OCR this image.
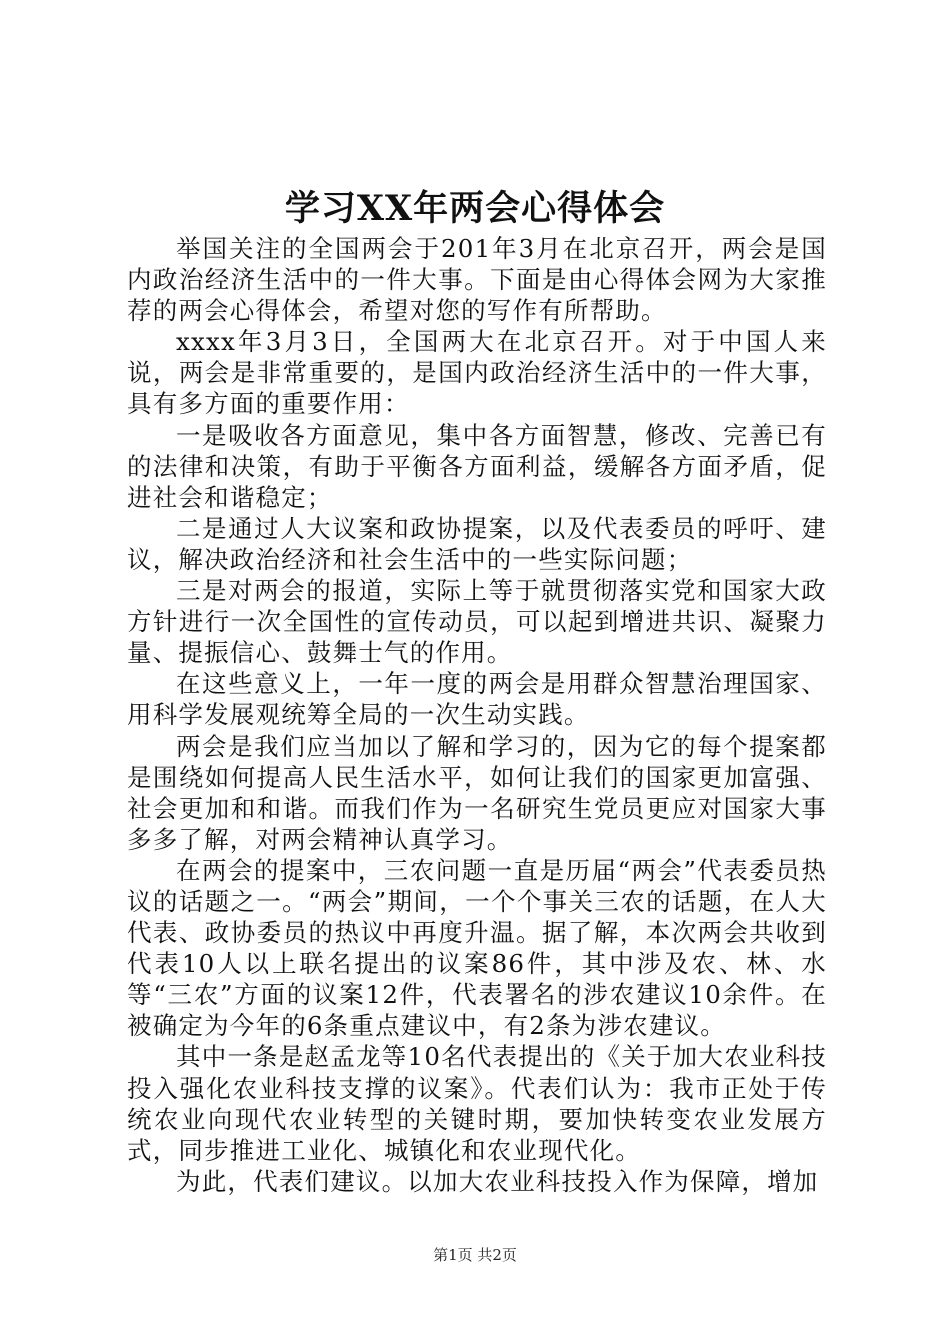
学习XX年两会心得体会

举国关注的全国两会于201年3月在北京召开，两会是国内政治经济生活中的一件大事。下面是由心得体会网为大家推荐的两会心得体会，希望对您的写作有所帮助。

xxxx年3月3日，全国两大在北京召开。对于中国人来说，两会是非常重要的，是国内政治经济生活中的一件大事，具有多方面的重要作用：

一是吸收各方面意见，集中各方面智慧，修改、完善已有的法律和决策，有助于平衡各方面利益，缓解各方面矛盾，促进社会和谐稳定；

二是通过人大议案和政协提案，以及代表委员的呼吁、建议，解决政治经济和社会生活中的一些实际问题；

三是对两会的报道，实际上等于就贯彻落实党和国家大政方针进行一次全国性的宣传动员，可以起到增进共识、凝聚力量、提振信心、鼓舞士气的作用。

在这些意义上，一年一度的两会是用群众智慧治理国家、用科学发展观统筹全局的一次生动实践。

两会是我们应当加以了解和学习的，因为它的每个提案都是围绕如何提高人民生活水平，如何让我们的国家更加富强、社会更加和和谐。而我们作为一名研究生党员更应对国家大事多多了解，对两会精神认真学习。

在两会的提案中，三农问题一直是历届“两会”代表委员热议的话题之一。“两会”期间，一个个事关三农的话题，在人大代表、政协委员的热议中再度升温。据了解，本次两会共收到代表10人以上联名提出的议案86件，其中涉及农、林、水等“三农”方面的议案12件，代表署名的涉农建议10余件。在被确定为今年的6条重点建议中，有2条为涉农建议。

其中一条是赵孟龙等10名代表提出的《关于加大农业科技投入强化农业科技支撑的议案》。代表们认为：我市正处于传统农业向现代农业转型的关键时期，要加快转变农业发展方式，同步推进工业化、城镇化和农业现代化。

为此，代表们建议。以加大农业科技投入作为保障，增加

第1页 共2页
